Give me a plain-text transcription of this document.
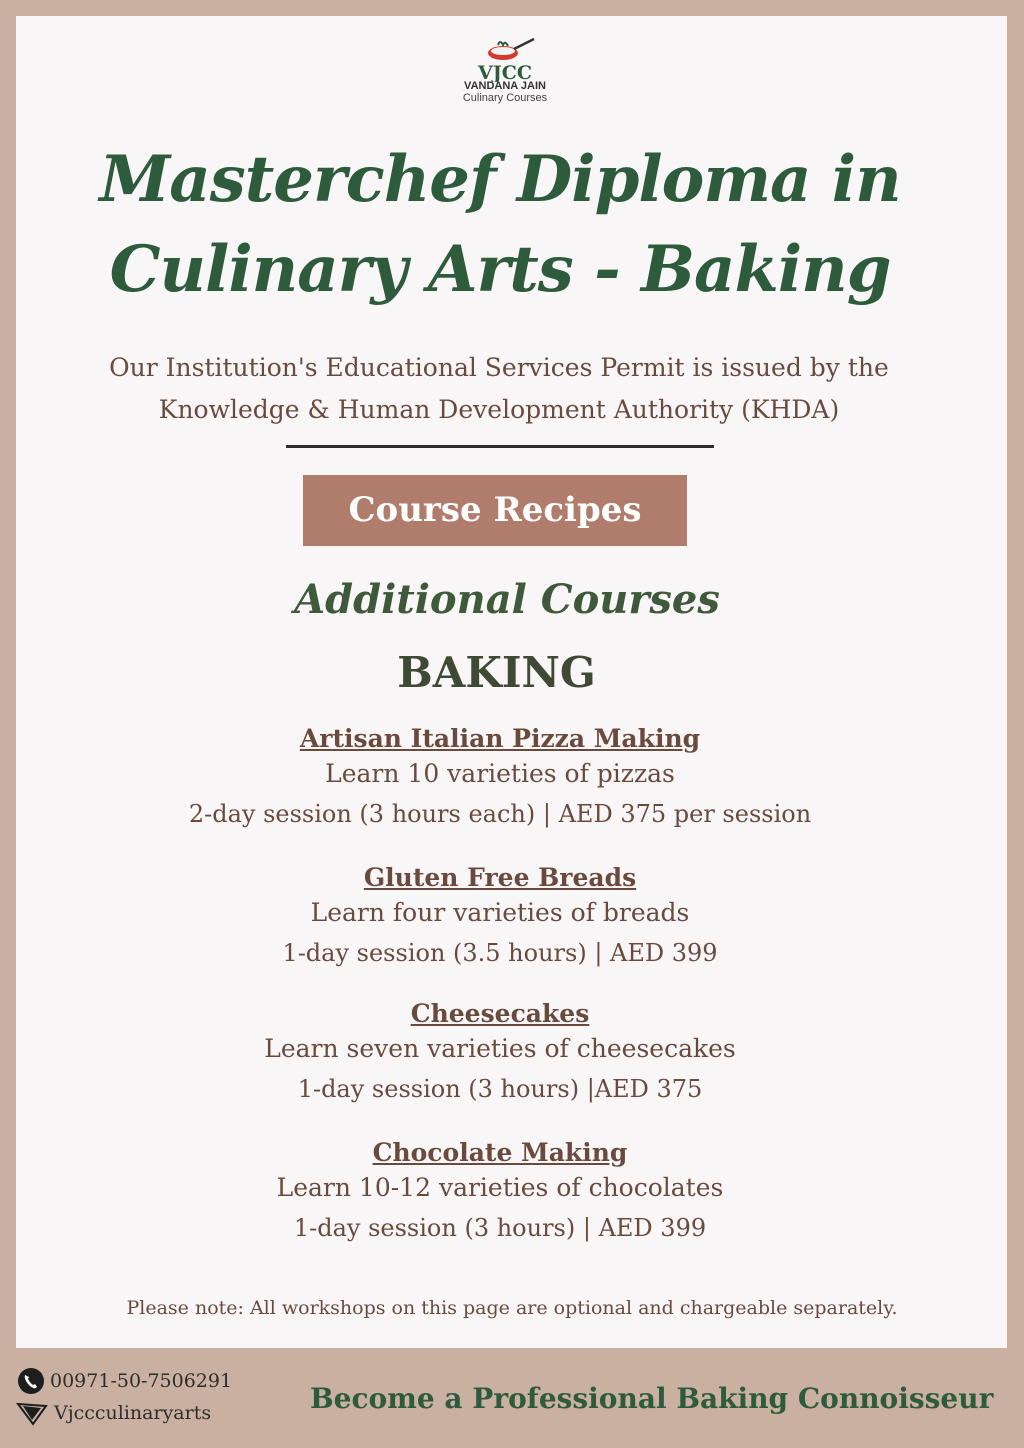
VJCC
VANDANA JAIN
Culinary Courses
Masterchef Diploma in
Culinary Arts - Baking
Our Institution's Educational Services Permit is issued by the
Knowledge & Human Development Authority (KHDA)
Course Recipes
Additional Courses
BAKING
Artisan Italian Pizza Making
Learn 10 varieties of pizzas
2-day session (3 hours each) | AED 375 per session
Gluten Free Breads
Learn four varieties of breads
1-day session (3.5 hours) | AED 399
Cheesecakes
Learn seven varieties of cheesecakes
1-day session (3 hours) |AED 375
Chocolate Making
Learn 10-12 varieties of chocolates
1-day session (3 hours) | AED 399
Please note: All workshops on this page are optional and chargeable separately.
00971-50-7506291
Vjccculinaryarts	Become a Professional Baking Connoisseur
